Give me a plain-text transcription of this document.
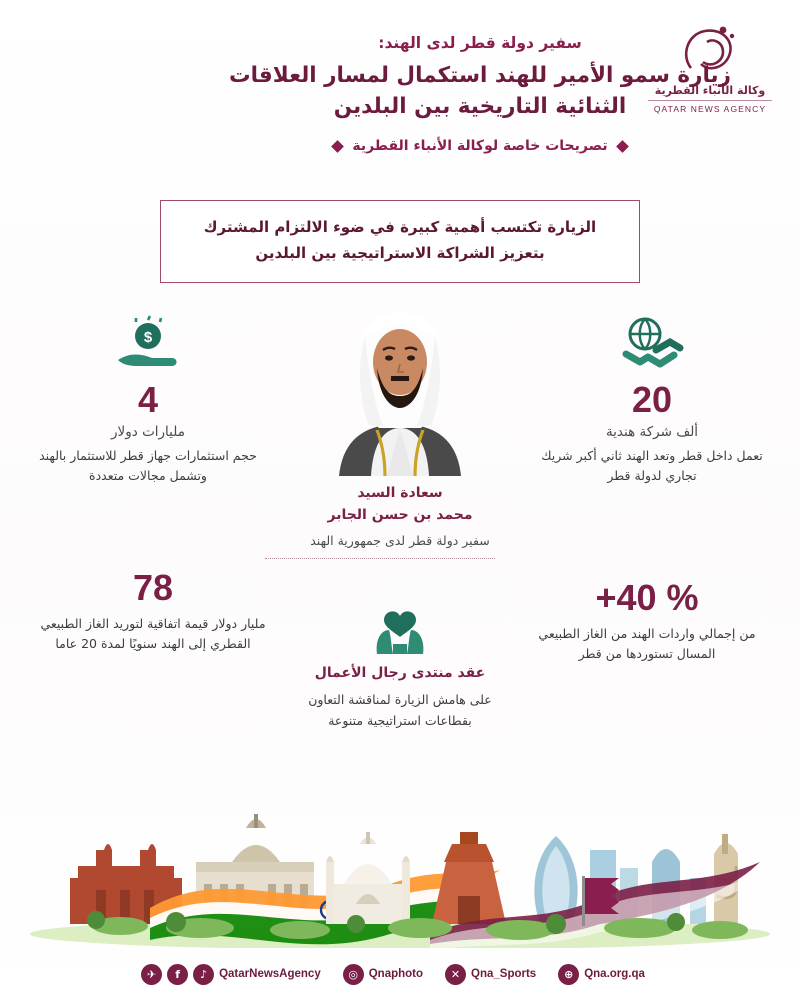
وكالة الأنباء القطرية
QATAR NEWS AGENCY
سفير دولة قطر لدى الهند:
زيارة سمو الأمير للهند استكمال لمسار العلاقات الثنائية التاريخية بين البلدين
تصريحات خاصة لوكالة الأنباء القطرية
الزيارة تكتسب أهمية كبيرة في ضوء الالتزام المشترك بتعزيز الشراكة الاستراتيجية بين البلدين
سعادة السيد
محمد بن حسن الجابر
سفير دولة قطر لدى جمهورية الهند
20
ألف شركة هندية
تعمل داخل قطر وتعد الهند ثاني أكبر شريك تجاري لدولة قطر
$
4
مليارات دولار
حجم استثمارات جهاز قطر للاستثمار بالهند وتشمل مجالات متعددة
+40 %
من إجمالي واردات الهند من الغاز الطبيعي المسال تستوردها من قطر
78
مليار دولار قيمة اتفاقية لتوريد الغاز الطبيعي القطري إلى الهند سنويًا لمدة 20 عاما
عقد منتدى رجال الأعمال
على هامش الزيارة لمناقشة التعاون بقطاعات استراتيجية متنوعة
✈	f	♪	QatarNewsAgency	◎ Qnaphoto	✕ Qna_Sports	⊕ Qna.org.qa
